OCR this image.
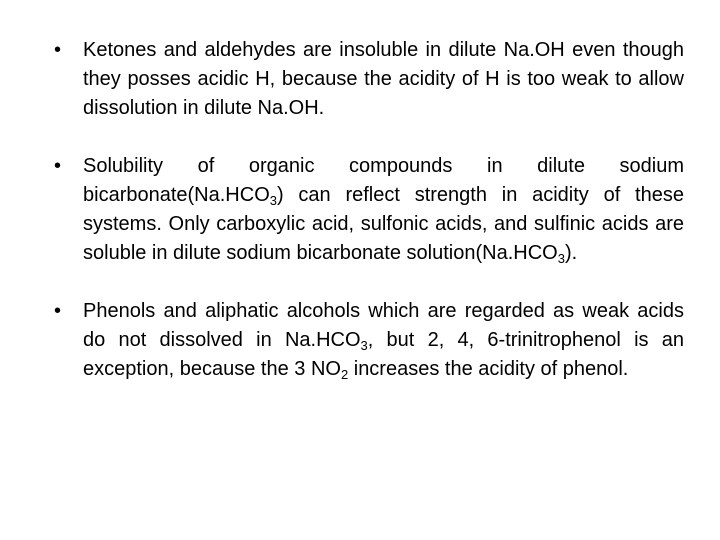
•	Ketones and aldehydes are insoluble in dilute Na.OH even though they posses acidic H, because the acidity of H is too weak to allow dissolution in dilute Na.OH.
•	Solubility of organic compounds in dilute sodium $bicarbonate(Na.HCO_3)$ can reflect strength in acidity of these systems. Only carboxylic acid, sulfonic acids, and sulfinic acids are soluble in dilute sodium bicarbonate $solution(Na.HCO_3)$.
•	Phenols and aliphatic alcohols which are regarded as weak acids do not dissolved in $Na.HCO_3$, but 2, 4, 6-trinitrophenol is an exception, because the 3 $NO_2$ increases the acidity of phenol.
